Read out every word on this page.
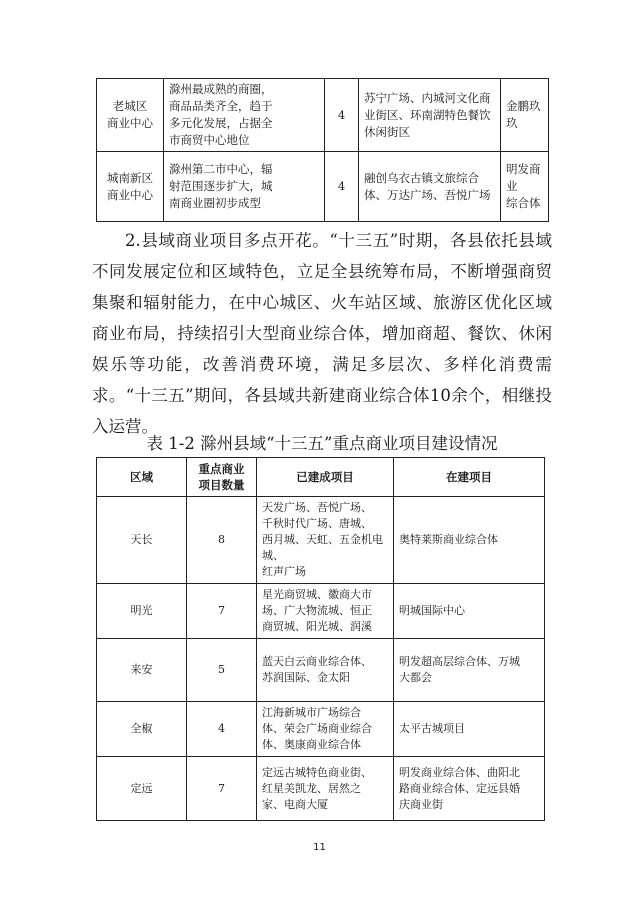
老城区
商业中心	滁州最成熟的商圈，
商品品类齐全，趋于
多元化发展，占据全
市商贸中心地位	4	苏宁广场、内城河文化商
业街区、环南湖特色餐饮
休闲街区	金鹏玖玖
城南新区
商业中心	滁州第二市中心，辐
射范围逐步扩大，城
南商业圈初步成型	4	融创乌衣古镇文旅综合
体、万达广场、吾悦广场	明发商业
综合体

2.县域商业项目多点开花。“十三五”时期，各县依托县域不同发展定位和区域特色，立足全县统筹布局，不断增强商贸集聚和辐射能力，在中心城区、火车站区域、旅游区优化区域商业布局，持续招引大型商业综合体，增加商超、餐饮、休闲娱乐等功能，改善消费环境，满足多层次、多样化消费需求。“十三五”期间，各县域共新建商业综合体10余个，相继投入运营。

表 1-2 滁州县域“十三五”重点商业项目建设情况

区域	重点商业
项目数量	已建成项目	在建项目
天长	8	天发广场、吾悦广场、
千秋时代广场、唐城、
西月城、天虹、五金机电城、
红声广场	奥特莱斯商业综合体
明光	7	星光商贸城、徽商大市
场、广大物流城、恒正
商贸城、阳光城、润溪	明城国际中心
来安	5	蓝天白云商业综合体、
苏润国际、金太阳	明发超高层综合体、万城
大都会
全椒	4	江海新城市广场综合
体、荣会广场商业综合
体、奥康商业综合体	太平古城项目
定远	7	定远古城特色商业街、
红星美凯龙、居然之
家、电商大厦	明发商业综合体、曲阳北
路商业综合体、定远县婚
庆商业街
11
